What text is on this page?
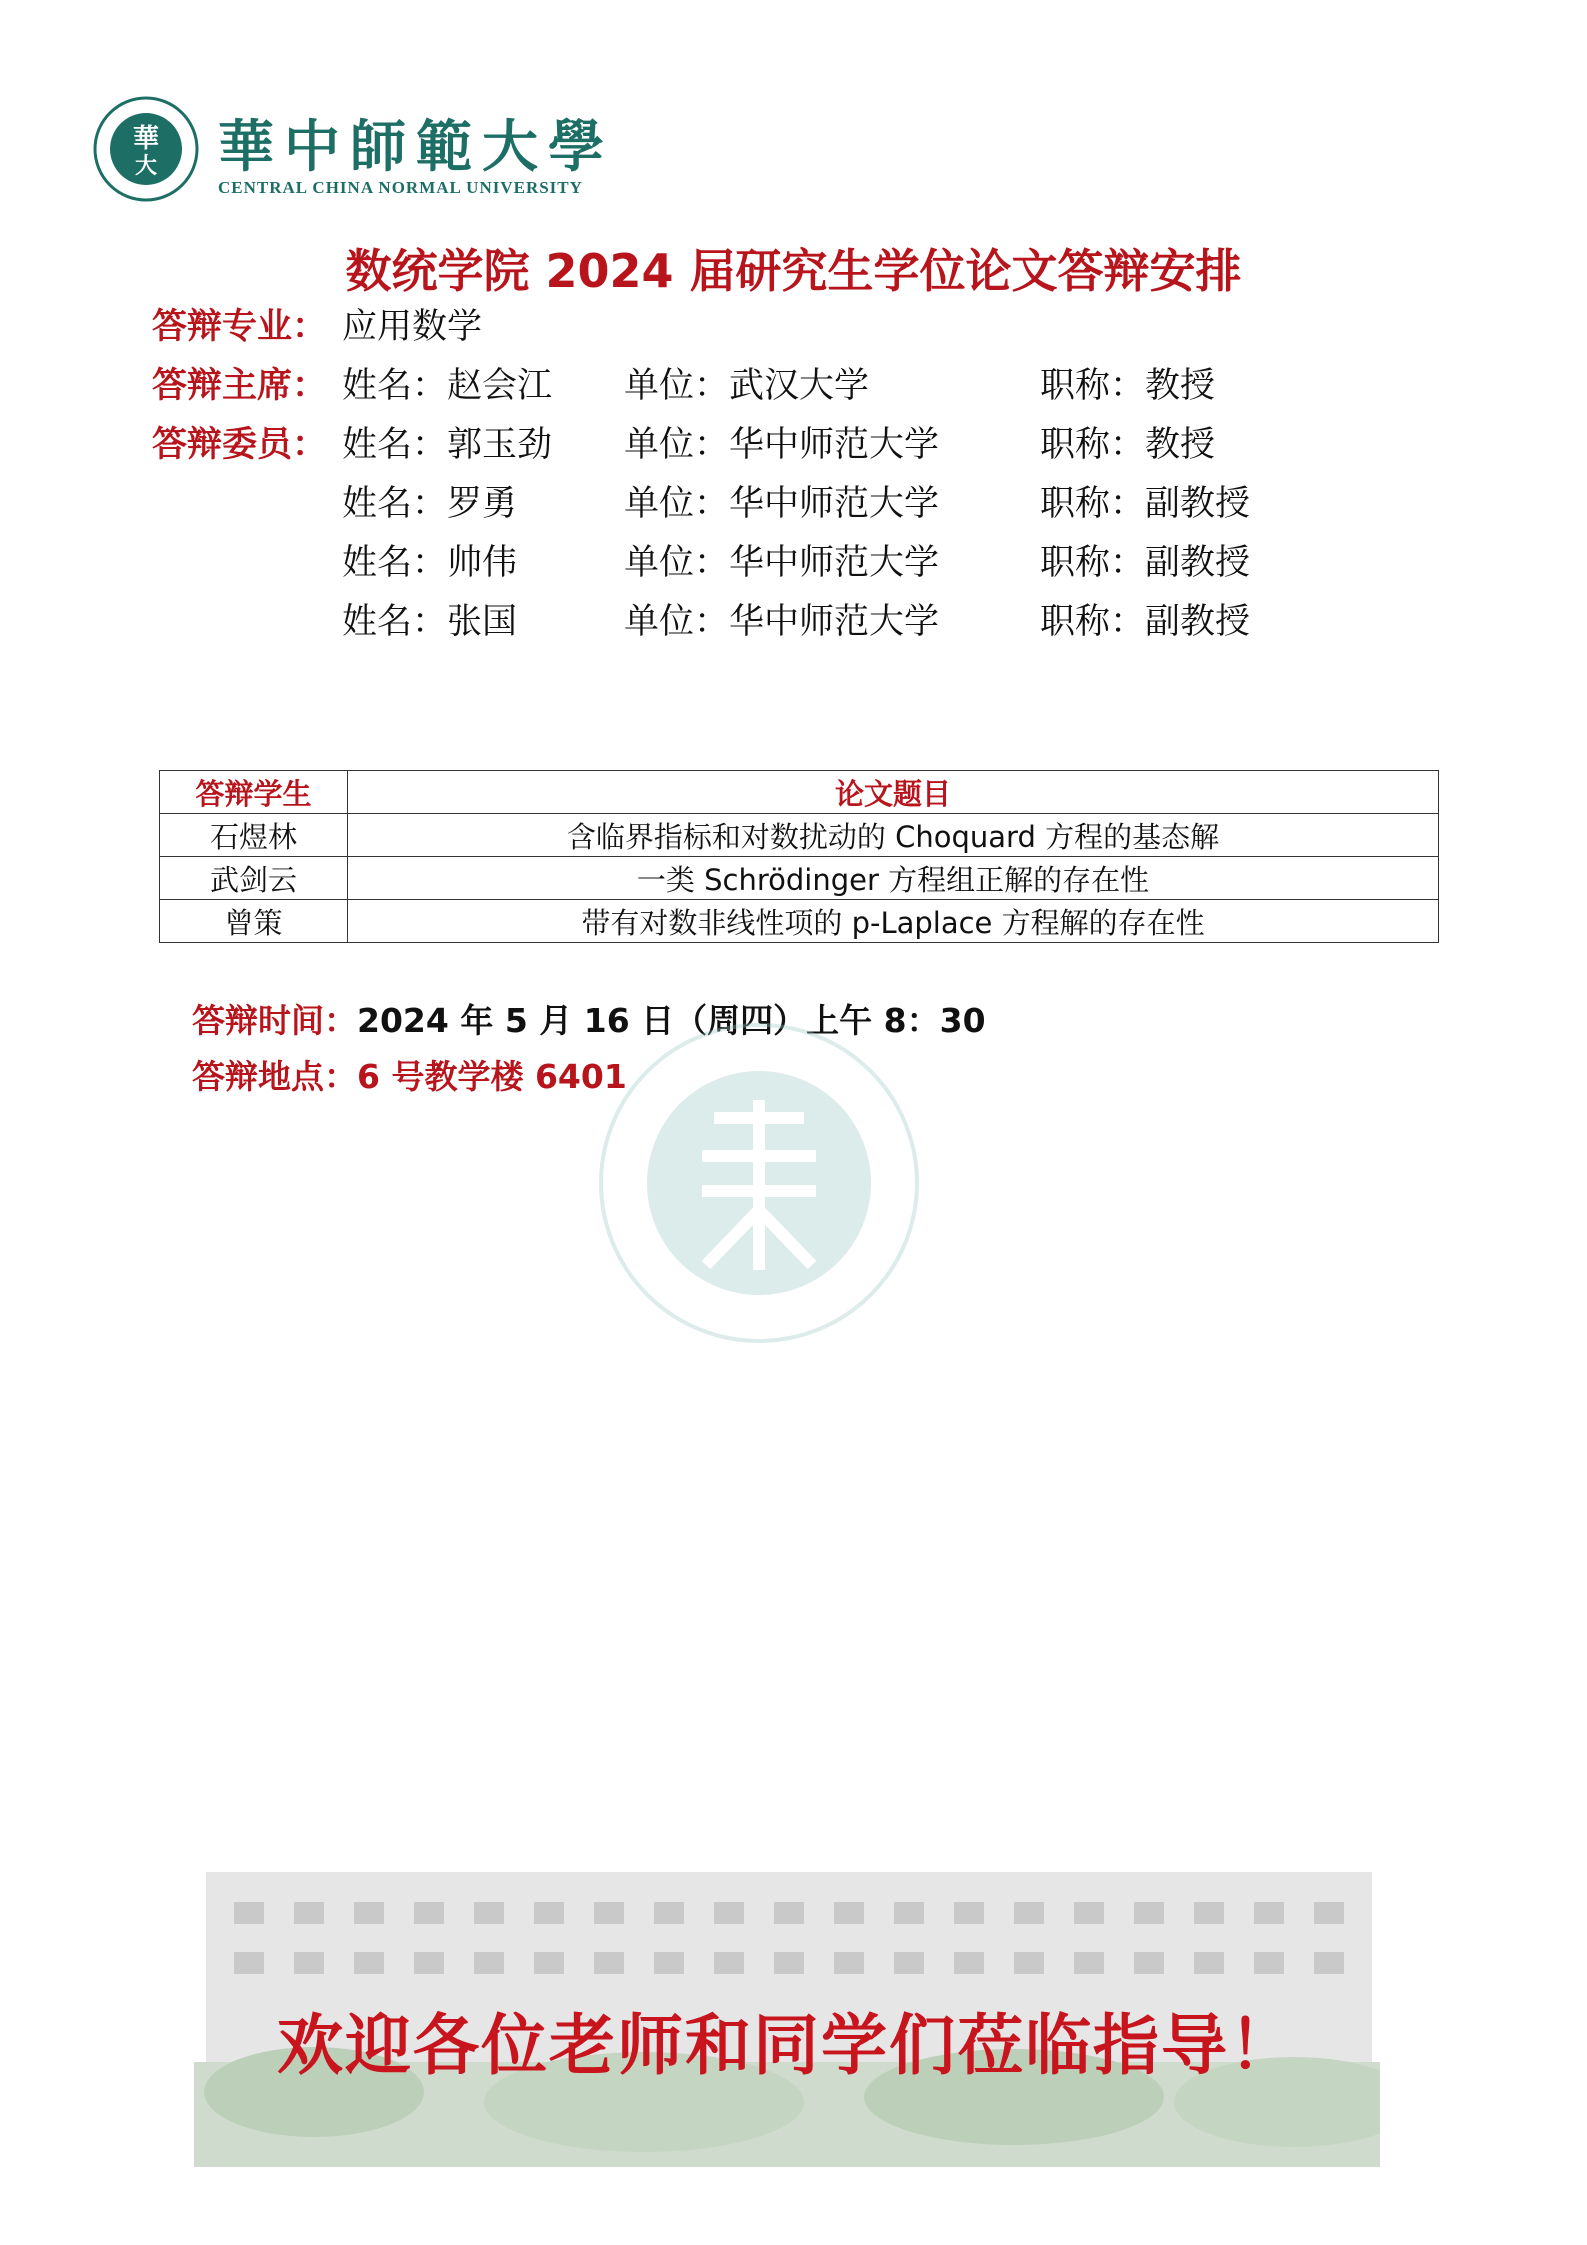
華
大 華中師範大學
CENTRAL CHINA NORMAL UNIVERSITY
数统学院 2024 届研究生学位论文答辩安排
答辩专业： 应用数学
答辩主席： 姓名：赵会江 单位：武汉大学	职称：教授
答辩委员： 姓名：郭玉劲 单位：华中师范大学	职称：教授
姓名：罗勇	单位：华中师范大学	职称：副教授
姓名：帅伟	单位：华中师范大学	职称：副教授
姓名：张国	单位：华中师范大学	职称：副教授
答辩学生	论文题目
石煜林	含临界指标和对数扰动的 Choquard 方程的基态解
武剑云	一类 Schrödinger 方程组正解的存在性
曾策	带有对数非线性项的 p-Laplace 方程解的存在性
答辩时间：2024 年 5 月 16 日（周四）上午 8：30
答辩地点：6 号教学楼 6401
欢迎各位老师和同学们莅临指导！
